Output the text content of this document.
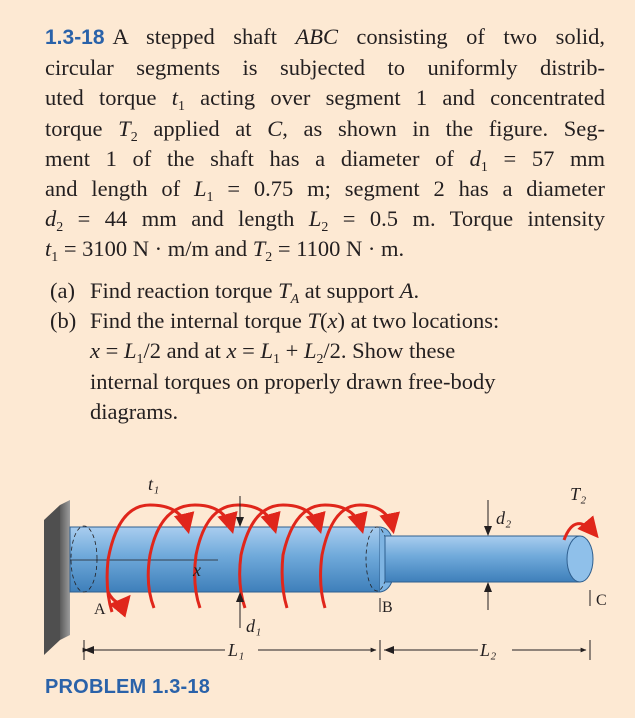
1.3-18 A stepped shaft ABC consisting of two solid,
circular segments is subjected to uniformly distrib-
uted torque $t_1$ acting over segment 1 and concentrated
torque $T_2$ applied at C, as shown in the figure. Seg-
ment 1 of the shaft has a diameter of $d_1 = 57$ mm
and length of $L_1 = 0.75$ m; segment 2 has a diameter
$d_2 = 44$ mm and length $L_2 = 0.5$ m. Torque intensity
$t_1 = 3100$ N · m/m and $T_2 = 1100$ N · m.
(a) Find reaction torque $T_A$ at support A.
(b) Find the internal torque T(x) at two locations:
$x = L_1/2$ and at $x = L_1 + L_2/2$. Show these
internal torques on properly drawn free-body
diagrams.
t₁	T₂
d₂
d₁
x
A	B	C
L₁	L₂
PROBLEM 1.3-18
